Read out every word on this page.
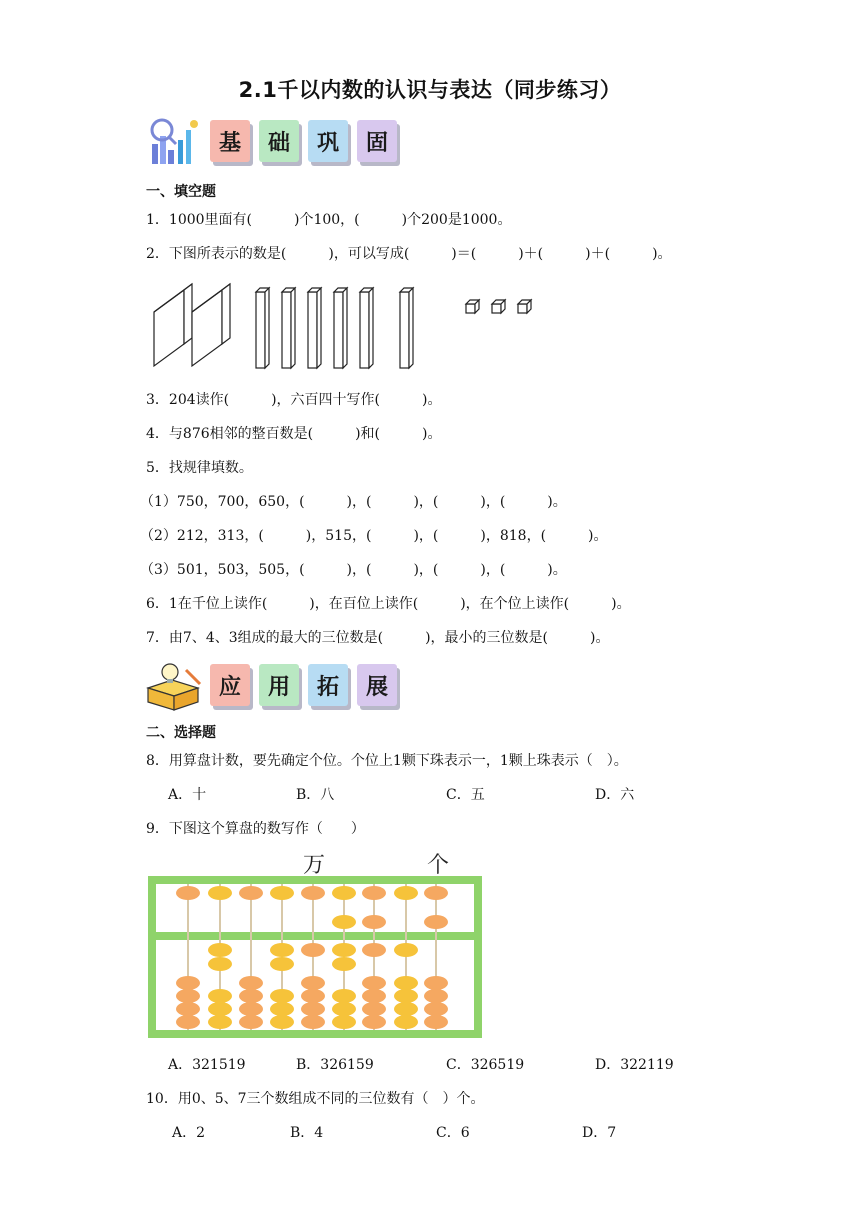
2.1千以内数的认识与表达（同步练习）
基	础	巩	固
一、填空题
1．1000里面有(　　　)个100，(　　　)个200是1000。
2．下图所表示的数是(　　　)，可以写成(　　　)＝(　　　)＋(　　　)＋(　　　)。
3．204读作(　　　)，六百四十写作(　　　)。
4．与876相邻的整百数是(　　　)和(　　　)。
5．找规律填数。
（1）750，700，650，(　　　)，(　　　)，(　　　)，(　　　)。
（2）212，313，(　　　)，515，(　　　)，(　　　)，818，(　　　)。
（3）501，503，505，(　　　)，(　　　)，(　　　)，(　　　)。
6．1在千位上读作(　　　)，在百位上读作(　　　)，在个位上读作(　　　)。
7．由7、4、3组成的最大的三位数是(　　　)，最小的三位数是(　　　)。
应	用	拓	展
二、选择题
8．用算盘计数，要先确定个位。个位上1颗下珠表示一，1颗上珠表示（　）。
A．十	B．八	C．五	D．六
9．下图这个算盘的数写作（　　）
万	个
A．321519	B．326159	C．326519	D．322119
10．用0、5、7三个数组成不同的三位数有（　）个。
A．2	B．4	C．6	D．7
